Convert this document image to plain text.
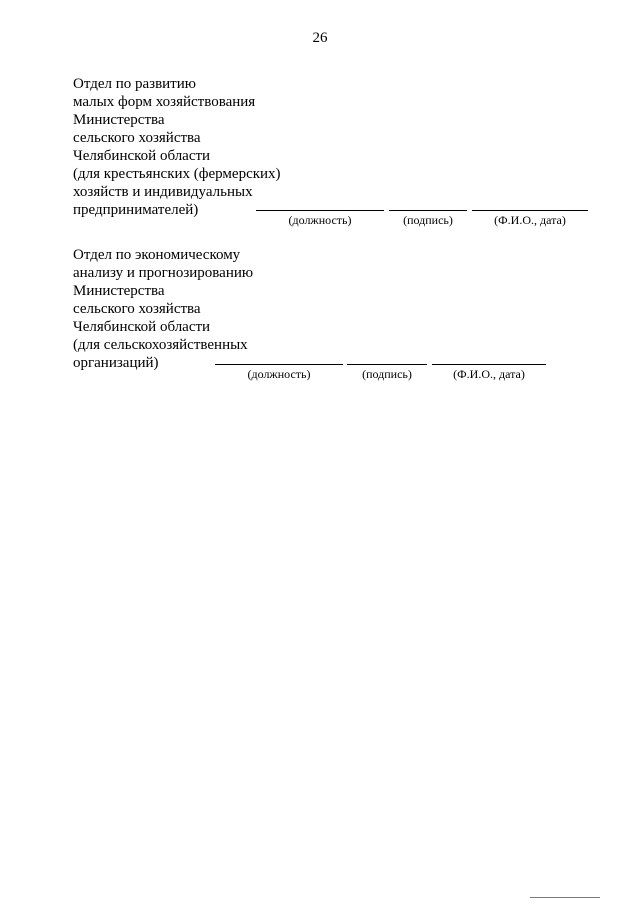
26
Отдел по развитию
малых форм хозяйствования
Министерства
сельского хозяйства
Челябинской области
(для крестьянских (фермерских)
хозяйств и индивидуальных
предпринимателей)
(должность)	(подпись)	(Ф.И.О., дата)
Отдел по экономическому
анализу и прогнозированию
Министерства
сельского хозяйства
Челябинской области
(для сельскохозяйственных
организаций)
(должность)	(подпись)	(Ф.И.О., дата)
